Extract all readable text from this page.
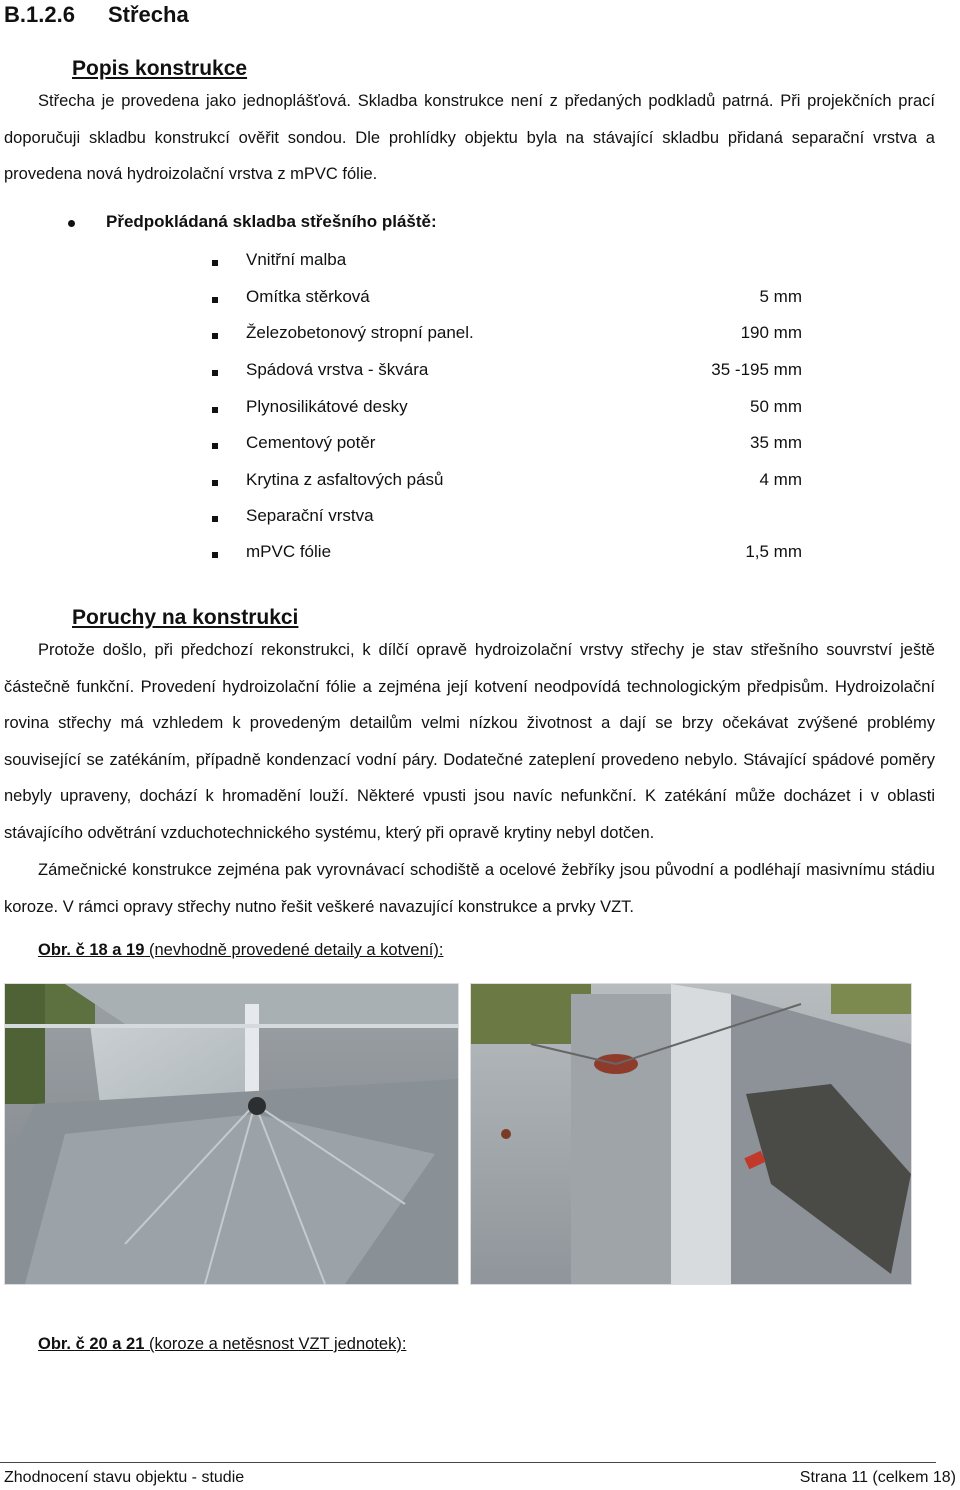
B.1.2.6 Střecha
Popis konstrukce
Střecha je provedena jako jednoplášťová. Skladba konstrukce není z předaných podkladů patrná. Při projekčních prací doporučuji skladbu konstrukcí ověřit sondou. Dle prohlídky objektu byla na stávající skladbu přidaná separační vrstva a provedena nová hydroizolační vrstva z mPVC fólie.
Předpokládaná skladba střešního pláště:
Vnitřní malba
Omítka stěrková	5 mm
Železobetonový stropní panel.	190 mm
Spádová vrstva - škvára	35 -195 mm
Plynosilikátové desky	50 mm
Cementový potěr	35 mm
Krytina z asfaltových pásů	4 mm
Separační vrstva
mPVC fólie	1,5 mm
Poruchy na konstrukci
Protože došlo, při předchozí rekonstrukci, k dílčí opravě hydroizolační vrstvy střechy je stav střešního souvrství ještě částečně funkční. Provedení hydroizolační fólie a zejména její kotvení neodpovídá technologickým předpisům. Hydroizolační rovina střechy má vzhledem k provedeným detailům velmi nízkou životnost a dají se brzy očekávat zvýšené problémy související se zatékáním, případně kondenzací vodní páry. Dodatečné zateplení provedeno nebylo. Stávající spádové poměry nebyly upraveny, dochází k hromadění louží. Některé vpusti jsou navíc nefunkční. K zatékání může docházet i v oblasti stávajícího odvětrání vzduchotechnického systému, který při opravě krytiny nebyl dotčen.
Zámečnické konstrukce zejména pak vyrovnávací schodiště a ocelové žebříky jsou původní a podléhají masivnímu stádiu koroze. V rámci opravy střechy nutno řešit veškeré navazující konstrukce a prvky VZT.
Obr. č 18 a 19 (nevhodně provedené detaily a kotvení):
Obr. č 20 a 21 (koroze a netěsnost VZT jednotek):
Zhodnocení stavu objektu - studie	Strana 11 (celkem 18)
